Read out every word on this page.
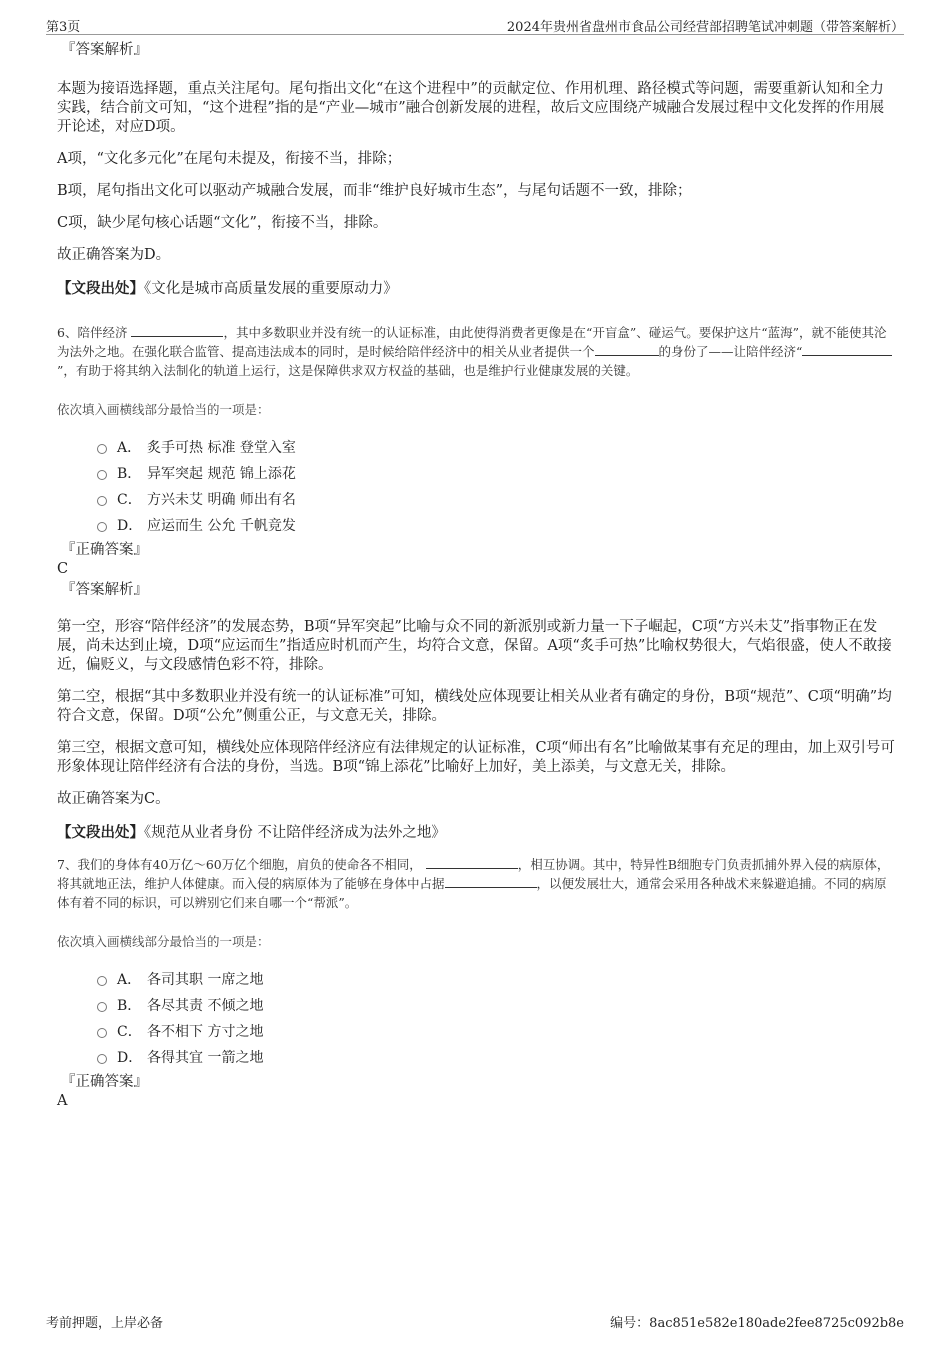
第3页	2024年贵州省盘州市食品公司经营部招聘笔试冲刺题（带答案解析）
『答案解析』

本题为接语选择题，重点关注尾句。尾句指出文化“在这个进程中”的贡献定位、作用机理、路径模式等问题，需要重新认知和全力实践，结合前文可知，“这个进程”指的是“产业—城市”融合创新发展的进程，故后文应围绕产城融合发展过程中文化发挥的作用展开论述，对应D项。

A项，“文化多元化”在尾句未提及，衔接不当，排除；

B项，尾句指出文化可以驱动产城融合发展，而非“维护良好城市生态”，与尾句话题不一致，排除；

C项，缺少尾句核心话题“文化”，衔接不当，排除。

故正确答案为D。

【文段出处】《文化是城市高质量发展的重要原动力》
6、陪伴经济	，其中多数职业并没有统一的认证标准，由此使得消费者更像是在“开盲盒”、碰运气。要保护这片“蓝海”，就不能使其沦为法外之地。在强化联合监管、提高违法成本的同时，是时候给陪伴经济中的相关从业者提供一个	的身份了——让陪伴经济“”，有助于将其纳入法制化的轨道上运行，这是保障供求双方权益的基础，也是维护行业健康发展的关键。
依次填入画横线部分最恰当的一项是：
A． 炙手可热 标准 登堂入室
B． 异军突起 规范 锦上添花
C． 方兴未艾 明确 师出有名
D． 应运而生 公允 千帆竞发
『正确答案』
C
『答案解析』

第一空，形容“陪伴经济”的发展态势，B项“异军突起”比喻与众不同的新派别或新力量一下子崛起，C项“方兴未艾”指事物正在发展，尚未达到止境，D项“应运而生”指适应时机而产生，均符合文意，保留。A项“炙手可热”比喻权势很大，气焰很盛，使人不敢接近，偏贬义，与文段感情色彩不符，排除。

第二空，根据“其中多数职业并没有统一的认证标准”可知，横线处应体现要让相关从业者有确定的身份，B项“规范”、C项“明确”均符合文意，保留。D项“公允”侧重公正，与文意无关，排除。

第三空，根据文意可知，横线处应体现陪伴经济应有法律规定的认证标准，C项“师出有名”比喻做某事有充足的理由，加上双引号可形象体现让陪伴经济有合法的身份，当选。B项“锦上添花”比喻好上加好，美上添美，与文意无关，排除。

故正确答案为C。

【文段出处】《规范从业者身份 不让陪伴经济成为法外之地》
7、我们的身体有40万亿～60万亿个细胞，肩负的使命各不相同，	，相互协调。其中，特异性B细胞专门负责抓捕外界入侵的病原体，将其就地正法，维护人体健康。而入侵的病原体为了能够在身体中占据	，以便发展壮大，通常会采用各种战术来躲避追捕。不同的病原体有着不同的标识，可以辨别它们来自哪一个“帮派”。
依次填入画横线部分最恰当的一项是：
A． 各司其职 一席之地
B． 各尽其责 不倾之地
C． 各不相下 方寸之地
D． 各得其宜 一箭之地
『正确答案』
A
考前押题，上岸必备	编号：8ac851e582e180ade2fee8725c092b8e
